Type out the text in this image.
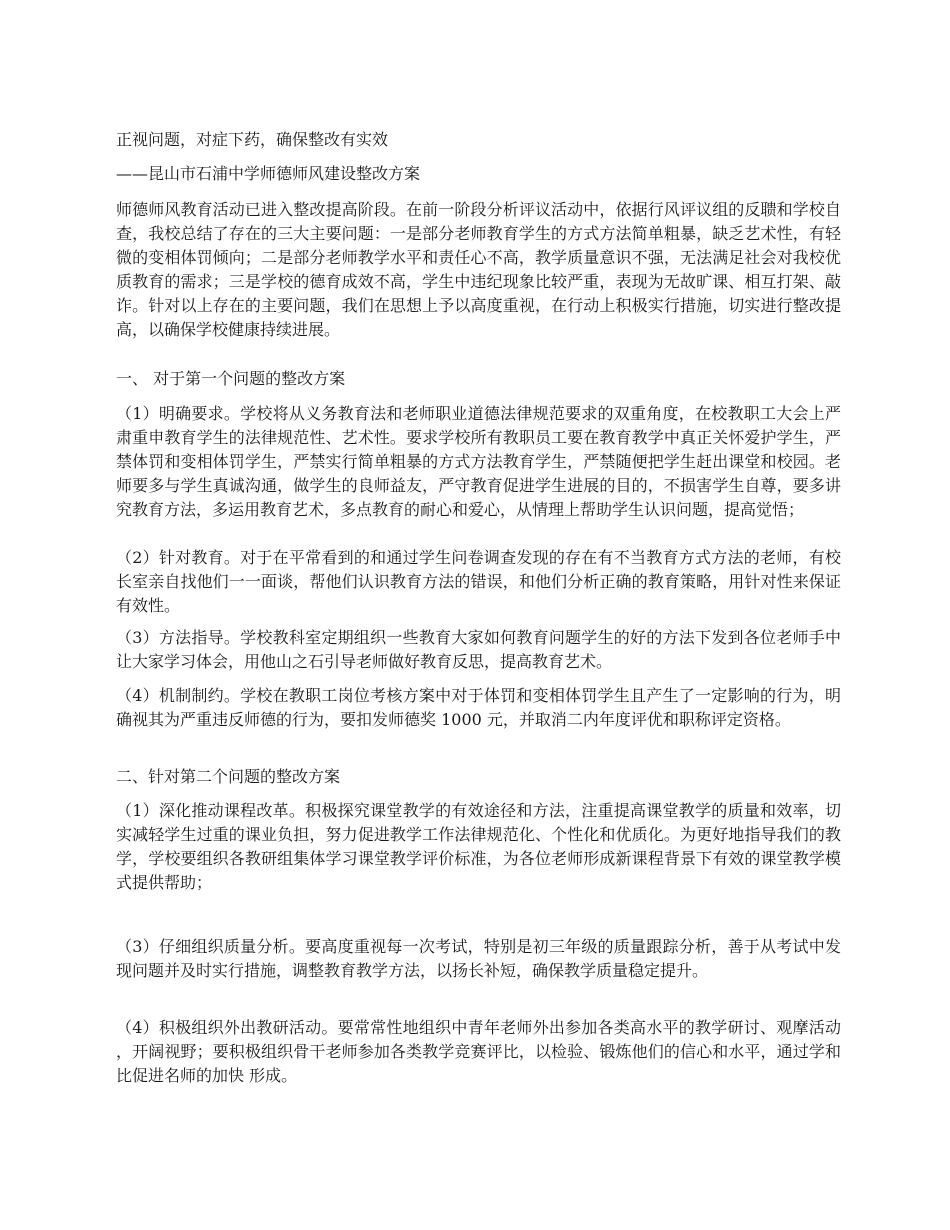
正视问题，对症下药，确保整改有实效

——昆山市石浦中学师德师风建设整改方案

师德师风教育活动已进入整改提高阶段。在前一阶段分析评议活动中，依据行风评议组的反聩和学校自查，我校总结了存在的三大主要问题：一是部分老师教育学生的方式方法简单粗暴，缺乏艺术性，有轻微的变相体罚倾向；二是部分老师教学水平和责任心不高，教学质量意识不强，无法满足社会对我校优质教育的需求；三是学校的德育成效不高，学生中违纪现象比较严重，表现为无故旷课、相互打架、敲诈。针对以上存在的主要问题，我们在思想上予以高度重视，在行动上积极实行措施，切实进行整改提高，以确保学校健康持续进展。

一、 对于第一个问题的整改方案

（1）明确要求。学校将从义务教育法和老师职业道德法律规范要求的双重角度，在校教职工大会上严肃重申教育学生的法律规范性、艺术性。要求学校所有教职员工要在教育教学中真正关怀爱护学生，严禁体罚和变相体罚学生，严禁实行简单粗暴的方式方法教育学生，严禁随便把学生赶出课堂和校园。老师要多与学生真诚沟通，做学生的良师益友，严守教育促进学生进展的目的，不损害学生自尊，要多讲究教育方法，多运用教育艺术，多点教育的耐心和爱心，从情理上帮助学生认识问题，提高觉悟；

（2）针对教育。对于在平常看到的和通过学生问卷调查发现的存在有不当教育方式方法的老师，有校长室亲自找他们一一面谈，帮他们认识教育方法的错误，和他们分析正确的教育策略，用针对性来保证有效性。

（3）方法指导。学校教科室定期组织一些教育大家如何教育问题学生的好的方法下发到各位老师手中让大家学习体会，用他山之石引导老师做好教育反思，提高教育艺术。

（4）机制制约。学校在教职工岗位考核方案中对于体罚和变相体罚学生且产生了一定影响的行为，明确视其为严重违反师德的行为，要扣发师德奖 1000 元，并取消二内年度评优和职称评定资格。

二、针对第二个问题的整改方案

（1）深化推动课程改革。积极探究课堂教学的有效途径和方法，注重提高课堂教学的质量和效率，切实减轻学生过重的课业负担，努力促进教学工作法律规范化、个性化和优质化。为更好地指导我们的教学，学校要组织各教研组集体学习课堂教学评价标准，为各位老师形成新课程背景下有效的课堂教学模式提供帮助；

（3）仔细组织质量分析。要高度重视每一次考试，特别是初三年级的质量跟踪分析，善于从考试中发现问题并及时实行措施，调整教育教学方法，以扬长补短，确保教学质量稳定提升。

（4）积极组织外出教研活动。要常常性地组织中青年老师外出参加各类高水平的教学研讨、观摩活动，开阔视野；要积极组织骨干老师参加各类教学竞赛评比，以检验、锻炼他们的信心和水平，通过学和比促进名师的加快 形成。
